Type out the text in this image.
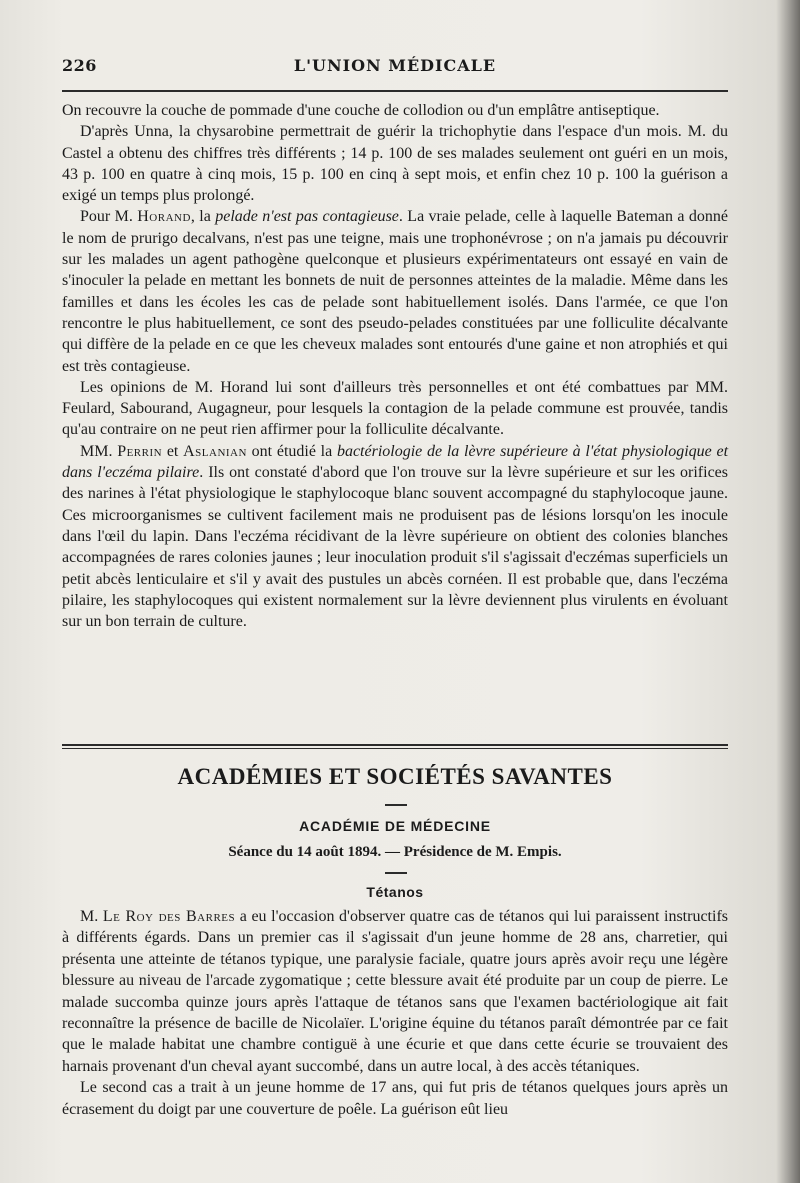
226	L'UNION MÉDICALE

On recouvre la couche de pommade d'une couche de collodion ou d'un emplâtre antiseptique.

D'après Unna, la chysarobine permettrait de guérir la trichophytie dans l'espace d'un mois. M. du Castel a obtenu des chiffres très différents ; 14 p. 100 de ses malades seulement ont guéri en un mois, 43 p. 100 en quatre à cinq mois, 15 p. 100 en cinq à sept mois, et enfin chez 10 p. 100 la guérison a exigé un temps plus prolongé.

Pour M. Horand, la pelade n'est pas contagieuse. La vraie pelade, celle à laquelle Bateman a donné le nom de prurigo decalvans, n'est pas une teigne, mais une trophonévrose ; on n'a jamais pu découvrir sur les malades un agent pathogène quelconque et plusieurs expérimentateurs ont essayé en vain de s'inoculer la pelade en mettant les bonnets de nuit de personnes atteintes de la maladie. Même dans les familles et dans les écoles les cas de pelade sont habituellement isolés. Dans l'armée, ce que l'on rencontre le plus habituellement, ce sont des pseudo-pelades constituées par une folliculite décalvante qui diffère de la pelade en ce que les cheveux malades sont entourés d'une gaine et non atrophiés et qui est très contagieuse.

Les opinions de M. Horand lui sont d'ailleurs très personnelles et ont été combattues par MM. Feulard, Sabourand, Augagneur, pour lesquels la contagion de la pelade commune est prouvée, tandis qu'au contraire on ne peut rien affirmer pour la folliculite décalvante.

MM. Perrin et Aslanian ont étudié la bactériologie de la lèvre supérieure à l'état physiologique et dans l'eczéma pilaire. Ils ont constaté d'abord que l'on trouve sur la lèvre supérieure et sur les orifices des narines à l'état physiologique le staphylocoque blanc souvent accompagné du staphylocoque jaune. Ces microorganismes se cultivent facilement mais ne produisent pas de lésions lorsqu'on les inocule dans l'œil du lapin. Dans l'eczéma récidivant de la lèvre supérieure on obtient des colonies blanches accompagnées de rares colonies jaunes ; leur inoculation produit s'il s'agissait d'eczémas superficiels un petit abcès lenticulaire et s'il y avait des pustules un abcès cornéen. Il est probable que, dans l'eczéma pilaire, les staphylocoques qui existent normalement sur la lèvre deviennent plus virulents en évoluant sur un bon terrain de culture.

ACADÉMIES ET SOCIÉTÉS SAVANTES
ACADÉMIE DE MÉDECINE
Séance du 14 août 1894. — Présidence de M. Empis.
Tétanos

M. Le Roy des Barres a eu l'occasion d'observer quatre cas de tétanos qui lui paraissent instructifs à différents égards. Dans un premier cas il s'agissait d'un jeune homme de 28 ans, charretier, qui présenta une atteinte de tétanos typique, une paralysie faciale, quatre jours après avoir reçu une légère blessure au niveau de l'arcade zygomatique ; cette blessure avait été produite par un coup de pierre. Le malade succomba quinze jours après l'attaque de tétanos sans que l'examen bactériologique ait fait reconnaître la présence de bacille de Nicolaïer. L'origine équine du tétanos paraît démontrée par ce fait que le malade habitat une chambre contiguë à une écurie et que dans cette écurie se trouvaient des harnais provenant d'un cheval ayant succombé, dans un autre local, à des accès tétaniques.

Le second cas a trait à un jeune homme de 17 ans, qui fut pris de tétanos quelques jours après un écrasement du doigt par une couverture de poêle. La guérison eût lieu
